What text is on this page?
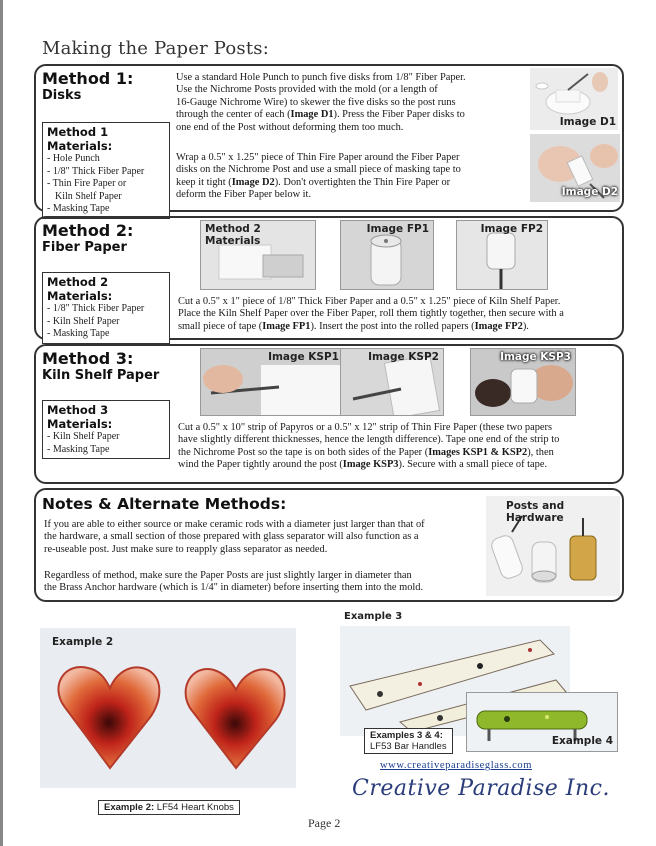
Making the Paper Posts:
Method 1:
Disks
Method 1 Materials:
- Hole Punch
- 1/8" Thick Fiber Paper
- Thin Fire Paper or
Kiln Shelf Paper
- Masking Tape
Use a standard Hole Punch to punch five disks from 1/8" Fiber Paper.
Use the Nichrome Posts provided with the mold (or a length of
16-Gauge Nichrome Wire) to skewer the five disks so the post runs
through the center of each (Image D1). Press the Fiber Paper disks to
one end of the Post without deforming them too much.
Wrap a 0.5" x 1.25" piece of Thin Fire Paper around the Fiber Paper
disks on the Nichrome Post and use a small piece of masking tape to
keep it tight (Image D2). Don't overtighten the Thin Fire Paper or
deform the Fiber Paper below it.
Image D1
Image D2
Method 2:
Fiber Paper
Method 2 Materials:
- 1/8" Thick Fiber Paper
- Kiln Shelf Paper
- Masking Tape
Method 2 Materials
Image FP1	Image FP2
Cut a 0.5" x 1" piece of 1/8" Thick Fiber Paper and a 0.5" x 1.25" piece of Kiln Shelf Paper.
Place the Kiln Shelf Paper over the Fiber Paper, roll them tightly together, then secure with a
small piece of tape (Image FP1). Insert the post into the rolled papers (Image FP2).
Method 3:
Kiln Shelf Paper
Method 3 Materials:
- Kiln Shelf Paper
- Masking Tape
Image KSP1	Image KSP2	Image KSP3
Cut a 0.5" x 10" strip of Papyros or a 0.5" x 12" strip of Thin Fire Paper (these two papers
have slightly different thicknesses, hence the length difference). Tape one end of the strip to
the Nichrome Post so the tape is on both sides of the Paper (Images KSP1 & KSP2), then
wind the Paper tightly around the post (Image KSP3). Secure with a small piece of tape.
Notes & Alternate Methods:
If you are able to either source or make ceramic rods with a diameter just larger than that of
the hardware, a small section of those prepared with glass separator will also function as a
re-useable post. Just make sure to reapply glass separator as needed.
Regardless of method, make sure the Paper Posts are just slightly larger in diameter than
the Brass Anchor hardware (which is 1/4" in diameter) before inserting them into the mold.
Posts and Hardware
Example 2
Example 2: LF54 Heart Knobs
Example 3
Examples 3 & 4:
LF53 Bar Handles	Example 4
www.creativeparadiseglass.com
Creative Paradise Inc.
Page 2
